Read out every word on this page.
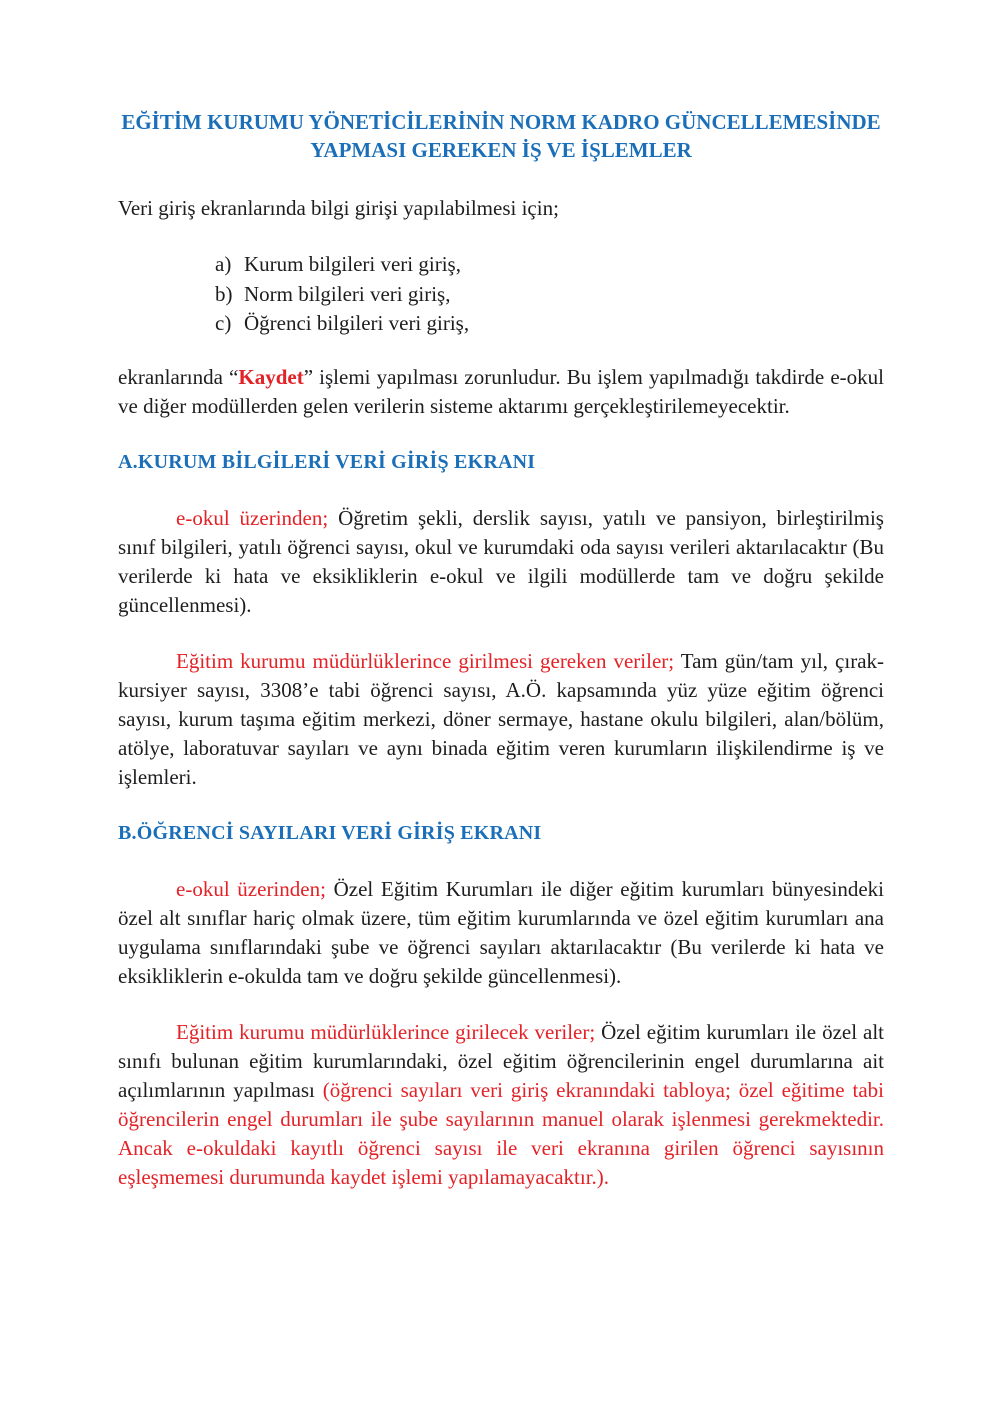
EĞİTİM KURUMU YÖNETİCİLERİNİN NORM KADRO GÜNCELLEMESİNDE
YAPMASI GEREKEN İŞ VE İŞLEMLER

Veri giriş ekranlarında bilgi girişi yapılabilmesi için;

a) Kurum bilgileri veri giriş,
b) Norm bilgileri veri giriş,
c) Öğrenci bilgileri veri giriş,

ekranlarında “Kaydet” işlemi yapılması zorunludur. Bu işlem yapılmadığı takdirde e-okul ve diğer modüllerden gelen verilerin sisteme aktarımı gerçekleştirilemeyecektir.

A.KURUM BİLGİLERİ VERİ GİRİŞ EKRANI

e-okul üzerinden; Öğretim şekli, derslik sayısı, yatılı ve pansiyon, birleştirilmiş sınıf bilgileri, yatılı öğrenci sayısı, okul ve kurumdaki oda sayısı verileri aktarılacaktır (Bu verilerde ki hata ve eksikliklerin e-okul ve ilgili modüllerde tam ve doğru şekilde güncellenmesi).

Eğitim kurumu müdürlüklerince girilmesi gereken veriler; Tam gün/tam yıl, çırak-kursiyer sayısı, 3308’e tabi öğrenci sayısı, A.Ö. kapsamında yüz yüze eğitim öğrenci sayısı, kurum taşıma eğitim merkezi, döner sermaye, hastane okulu bilgileri, alan/bölüm, atölye, laboratuvar sayıları ve aynı binada eğitim veren kurumların ilişkilendirme iş ve işlemleri.

B.ÖĞRENCİ SAYILARI VERİ GİRİŞ EKRANI

e-okul üzerinden; Özel Eğitim Kurumları ile diğer eğitim kurumları bünyesindeki özel alt sınıflar hariç olmak üzere, tüm eğitim kurumlarında ve özel eğitim kurumları ana uygulama sınıflarındaki şube ve öğrenci sayıları aktarılacaktır (Bu verilerde ki hata ve eksikliklerin e-okulda tam ve doğru şekilde güncellenmesi).

Eğitim kurumu müdürlüklerince girilecek veriler; Özel eğitim kurumları ile özel alt sınıfı bulunan eğitim kurumlarındaki, özel eğitim öğrencilerinin engel durumlarına ait açılımlarının yapılması (öğrenci sayıları veri giriş ekranındaki tabloya; özel eğitime tabi öğrencilerin engel durumları ile şube sayılarının manuel olarak işlenmesi gerekmektedir. Ancak e-okuldaki kayıtlı öğrenci sayısı ile veri ekranına girilen öğrenci sayısının eşleşmemesi durumunda kaydet işlemi yapılamayacaktır.).
